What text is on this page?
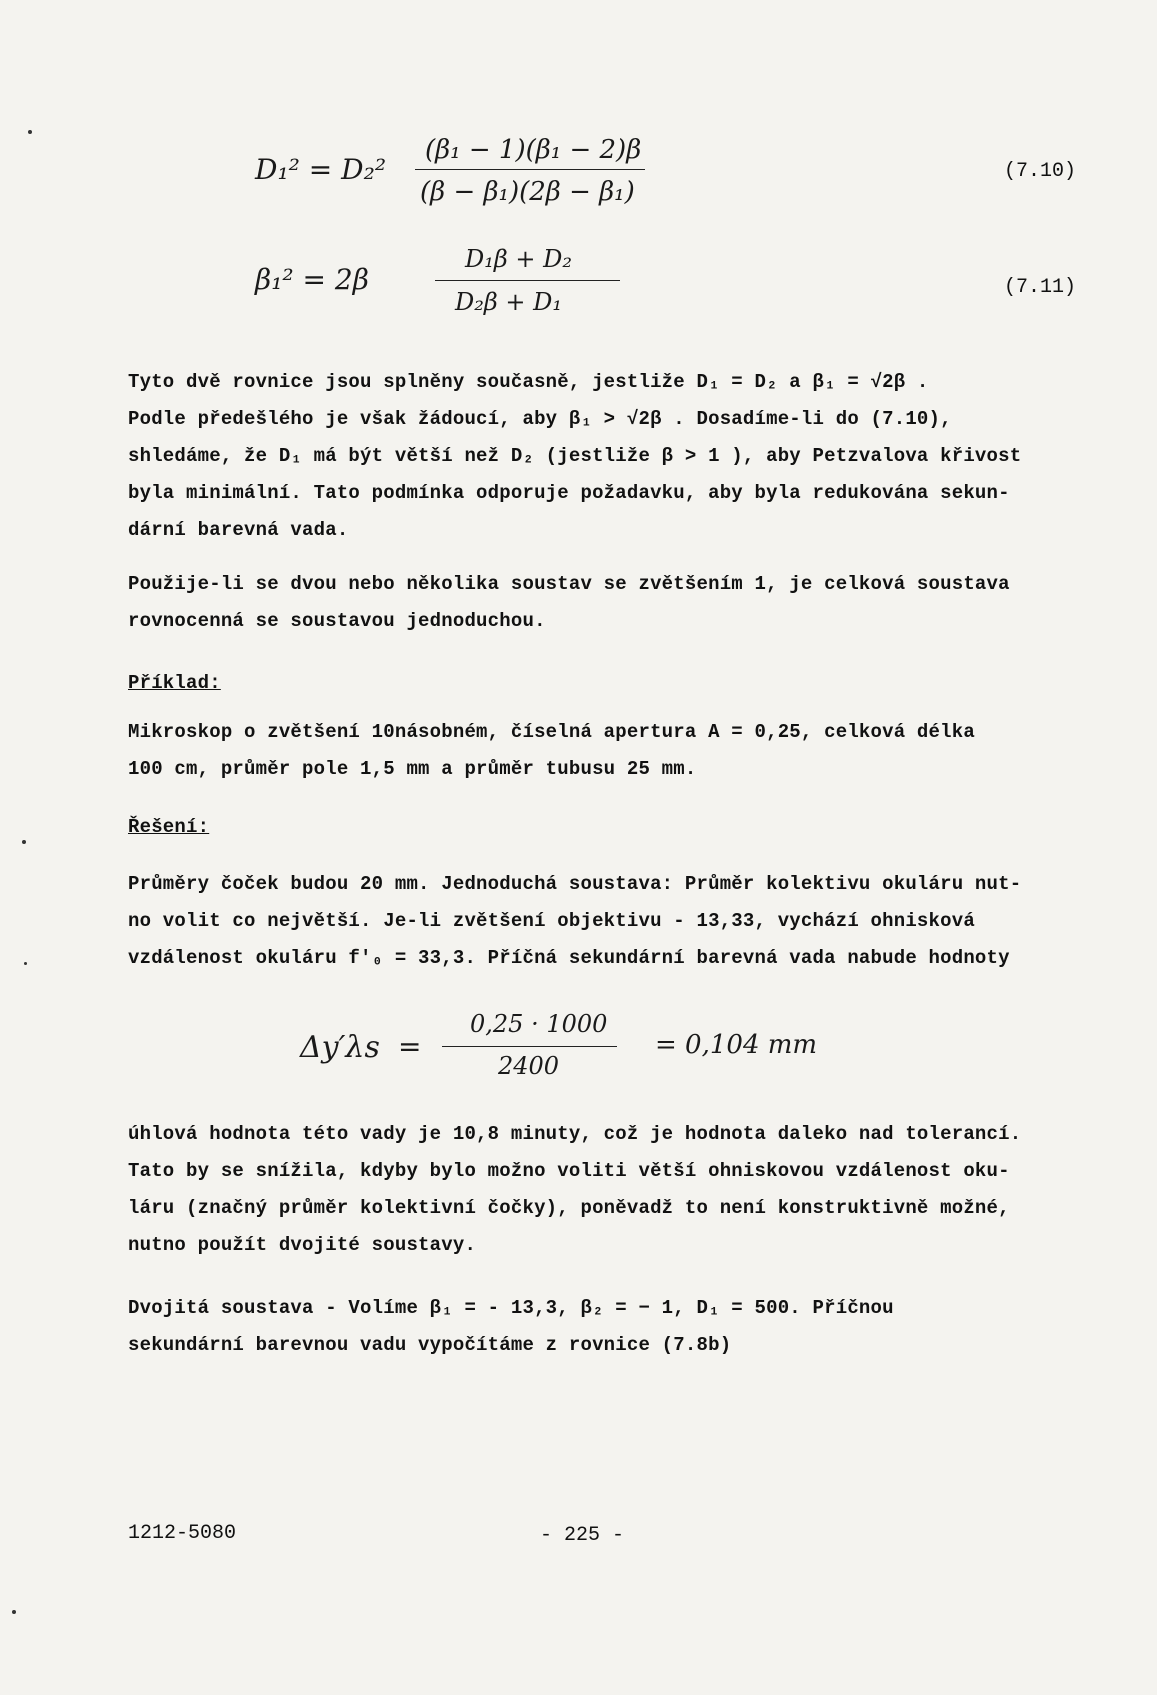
D₁² = D₂²
(β₁ − 1)(β₁ − 2)β
(β − β₁)(2β − β₁)
(7.10)
β₁² = 2β
D₁β + D₂
D₂β + D₁
(7.11)
Tyto dvě rovnice jsou splněny současně, jestliže D₁ = D₂ a β₁ = √2β .
Podle předešlého je však žádoucí, aby β₁ > √2β . Dosadíme-li do (7.10),
shledáme, že D₁ má být větší než D₂ (jestliže β > 1 ), aby Petzvalova křivost
byla minimální. Tato podmínka odporuje požadavku, aby byla redukována sekun-
dární barevná vada.
Použije-li se dvou nebo několika soustav se zvětšením 1, je celková soustava
rovnocenná se soustavou jednoduchou.
Příklad:
Mikroskop o zvětšení 10násobném, číselná apertura A = 0,25, celková délka
100 cm, průměr pole 1,5 mm a průměr tubusu 25 mm.
Řešení:
Průměry čoček budou 20 mm. Jednoduchá soustava: Průměr kolektivu okuláru nut-
no volit co největší. Je-li zvětšení objektivu - 13,33, vychází ohnisková
vzdálenost okuláru f′₀ = 33,3. Příčná sekundární barevná vada nabude hodnoty
Δy′λs =
0,25 · 1000
2400
= 0,104 mm
úhlová hodnota této vady je 10,8 minuty, což je hodnota daleko nad tolerancí.
Tato by se snížila, kdyby bylo možno voliti větší ohniskovou vzdálenost oku-
láru (značný průměr kolektivní čočky), poněvadž to není konstruktivně možné,
nutno použít dvojité soustavy.
Dvojitá soustava - Volíme β₁ = - 13,3, β₂ = − 1, D₁ = 500. Příčnou
sekundární barevnou vadu vypočítáme z rovnice (7.8b)
1212-5080	- 225 -
